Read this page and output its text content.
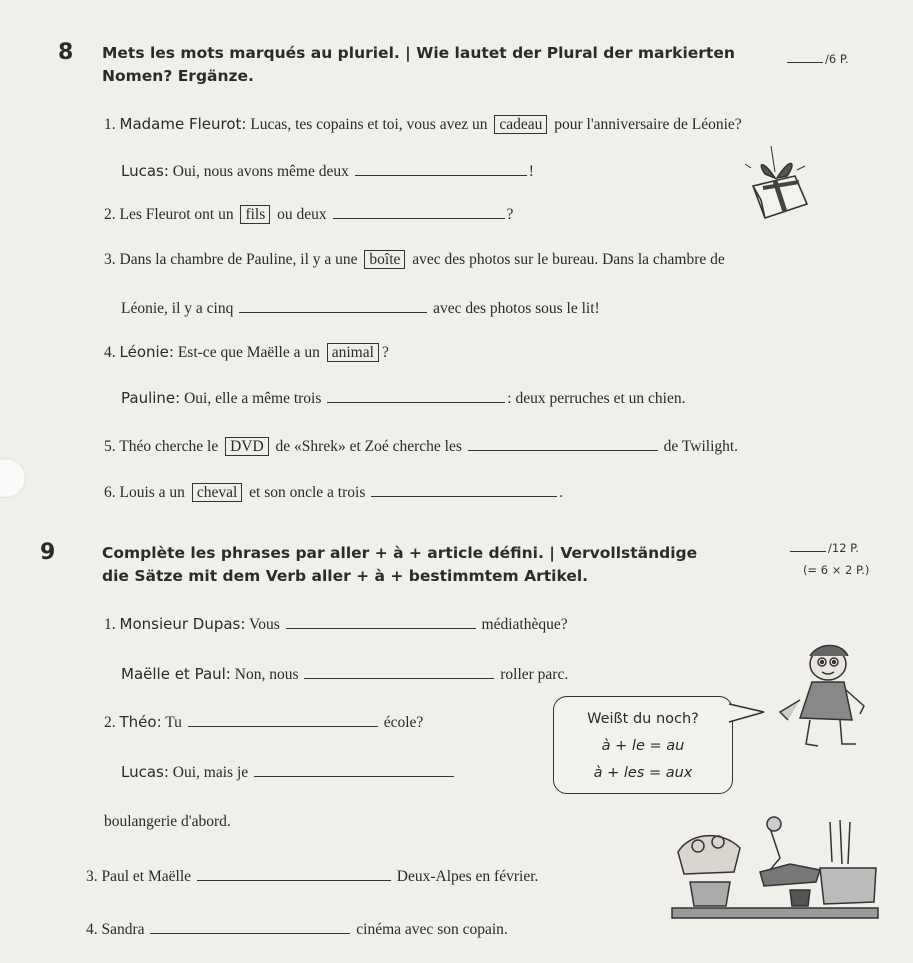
8 Mets les mots marqués au pluriel. | Wie lautet der Plural der markierten
Nomen? Ergänze.
/6 P.
1. Madame Fleurot: Lucas, tes copains et toi, vous avez un cadeau pour l'anniversaire de Léonie?
Lucas: Oui, nous avons même deux	!
2. Les Fleurot ont un fils ou deux	?
3. Dans la chambre de Pauline, il y a une boîte avec des photos sur le bureau. Dans la chambre de
Léonie, il y a cinq	avec des photos sous le lit!
4. Léonie: Est-ce que Maëlle a un animal ?
Pauline: Oui, elle a même trois	: deux perruches et un chien.
5. Théo cherche le DVD de «Shrek» et Zoé cherche les	de Twilight.
6. Louis a un cheval et son oncle a trois	.
9	Complète les phrases par aller + à + article défini. | Vervollständige
die Sätze mit dem Verb aller + à + bestimmtem Artikel.
/12 P.
(= 6 × 2 P.)
1. Monsieur Dupas: Vous	médiathèque?
Maëlle et Paul: Non, nous	roller parc.
2. Théo: Tu	école?
Lucas: Oui, mais je
boulangerie d'abord.
Weißt du noch?
à + le = au
à + les = aux
3. Paul et Maëlle	Deux-Alpes en février.
4. Sandra	cinéma avec son copain.
